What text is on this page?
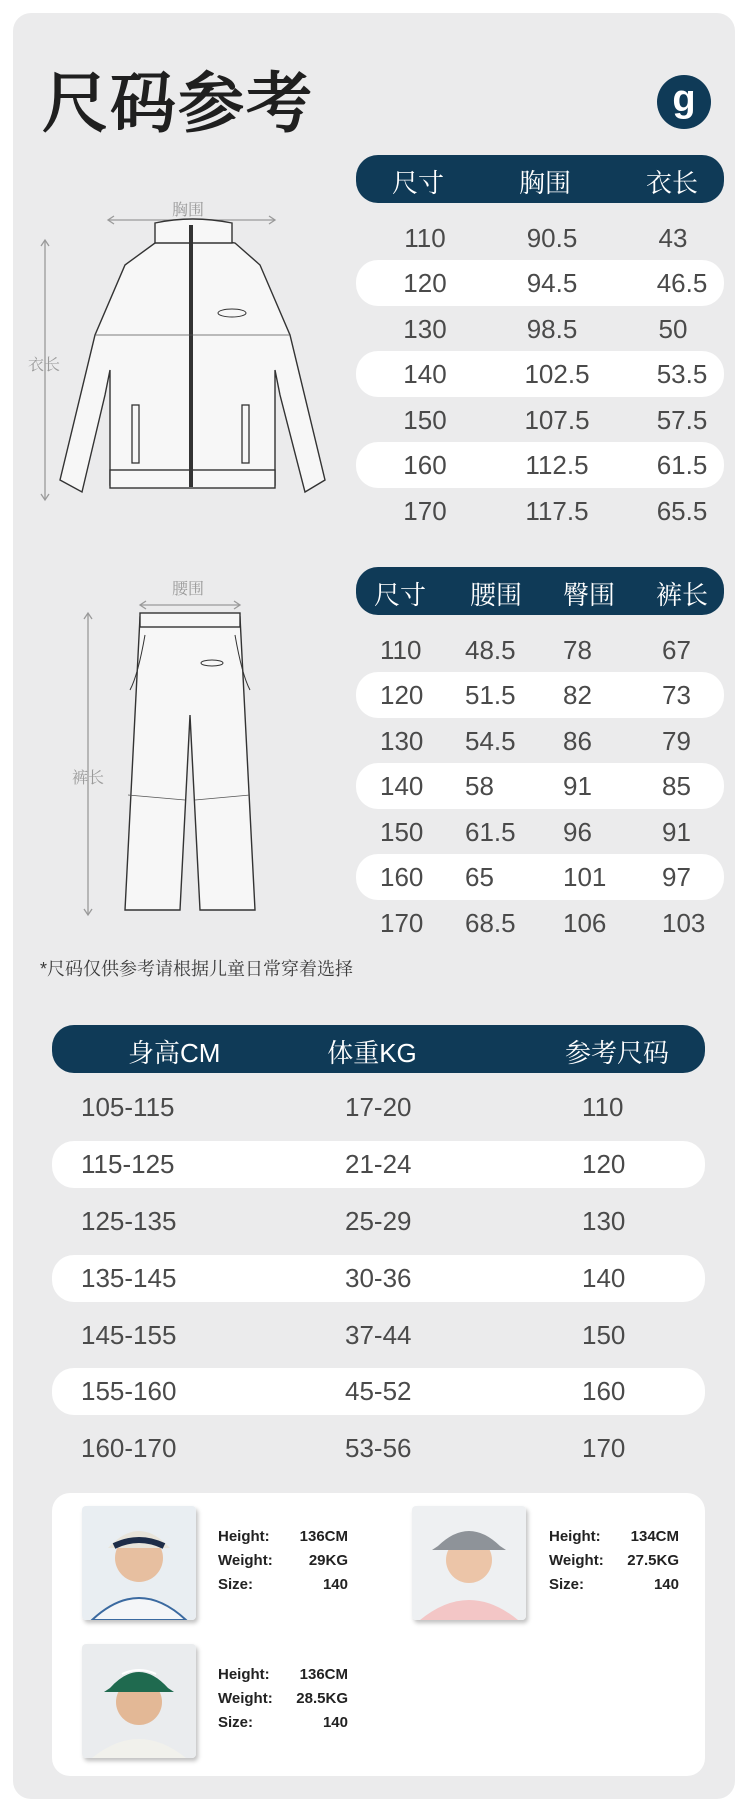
尺码参考	g
胸围
衣长
腰围
裤长
尺寸	胸围	衣长
110	90.5	43
120	94.5	46.5
130	98.5	50
140	102.5	53.5
150	107.5	57.5
160	112.5	61.5
170	117.5	65.5
尺寸 腰围 臀围 裤长
110 48.5 78	67
120 51.5 82	73
130 54.5 86	79
140 58	91	85
150 61.5 96	91
160 65	101 97
170 68.5 106 103
*尺码仅供参考请根据儿童日常穿着选择
身高CM	体重KG	参考尺码
105-115	17-20	110
115-125	21-24	120
125-135	25-29	130
135-145	30-36	140
145-155	37-44	150
155-160	45-52	160
160-170	53-56	170
Height: 136CM
Weight: 29KG
Size:	140
Height: 134CM
Weight: 27.5KG
Size:	140
Height: 136CM
Weight: 28.5KG
Size:	140
